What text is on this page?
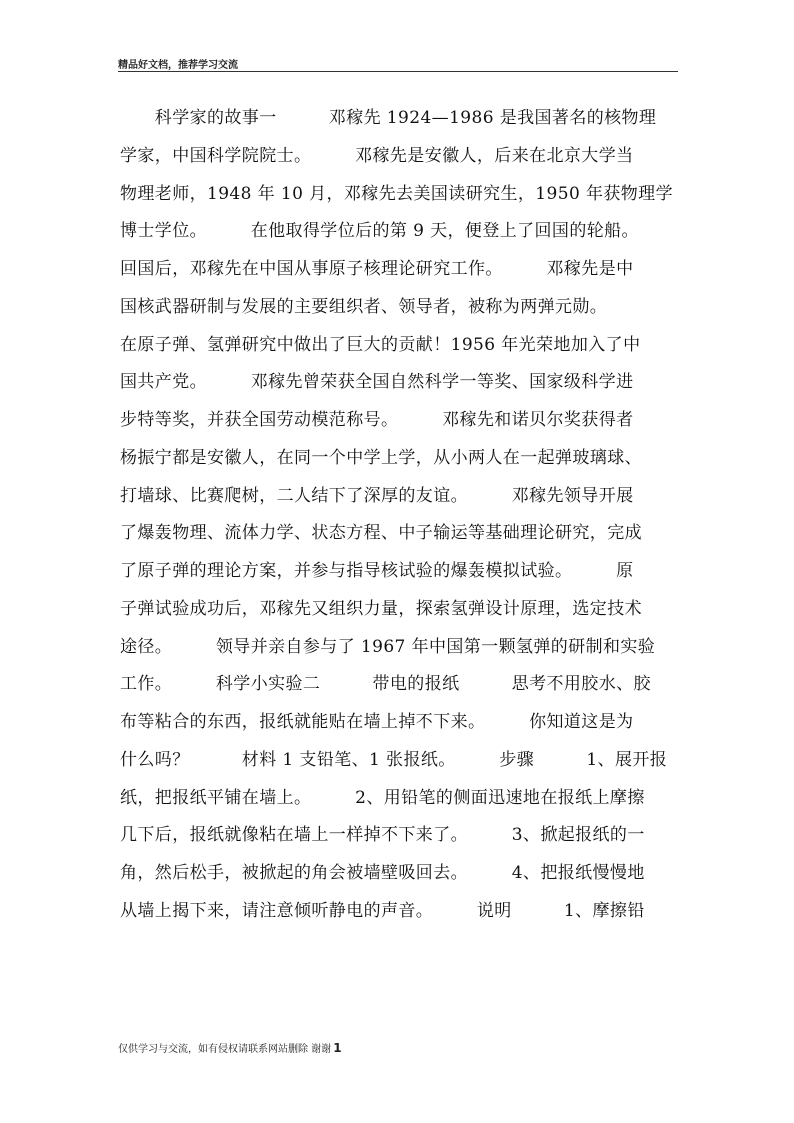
精品好文档，推荐学习交流
　　科学家的故事一　　　邓稼先 1924—1986 是我国著名的核物理
学家，中国科学院院士。　　　邓稼先是安徽人，后来在北京大学当
物理老师，1948 年 10 月，邓稼先去美国读研究生，1950 年获物理学
博士学位。　　　在他取得学位后的第 9 天，便登上了回国的轮船。
回国后，邓稼先在中国从事原子核理论研究工作。　　　邓稼先是中
国核武器研制与发展的主要组织者、领导者，被称为两弹元勋。
在原子弹、氢弹研究中做出了巨大的贡献！1956 年光荣地加入了中
国共产党。　　　邓稼先曾荣获全国自然科学一等奖、国家级科学进
步特等奖，并获全国劳动模范称号。　　　邓稼先和诺贝尔奖获得者
杨振宁都是安徽人，在同一个中学上学，从小两人在一起弹玻璃球、
打墙球、比赛爬树，二人结下了深厚的友谊。　　　邓稼先领导开展
了爆轰物理、流体力学、状态方程、中子输运等基础理论研究，完成
了原子弹的理论方案，并参与指导核试验的爆轰模拟试验。　　　原
子弹试验成功后，邓稼先又组织力量，探索氢弹设计原理，选定技术
途径。　　　领导并亲自参与了 1967 年中国第一颗氢弹的研制和实验
工作。　　　科学小实验二　　　带电的报纸　　　思考不用胶水、胶
布等粘合的东西，报纸就能贴在墙上掉不下来。　　　你知道这是为
什么吗？　　　材料 1 支铅笔、1 张报纸。　　　步骤　　　1、展开报
纸，把报纸平铺在墙上。　　　2、用铅笔的侧面迅速地在报纸上摩擦
几下后，报纸就像粘在墙上一样掉不下来了。　　　3、掀起报纸的一
角，然后松手，被掀起的角会被墙壁吸回去。　　　4、把报纸慢慢地
从墙上揭下来，请注意倾听静电的声音。　　　说明　　　1、摩擦铅
仅供学习与交流，如有侵权请联系网站删除 谢谢 1
